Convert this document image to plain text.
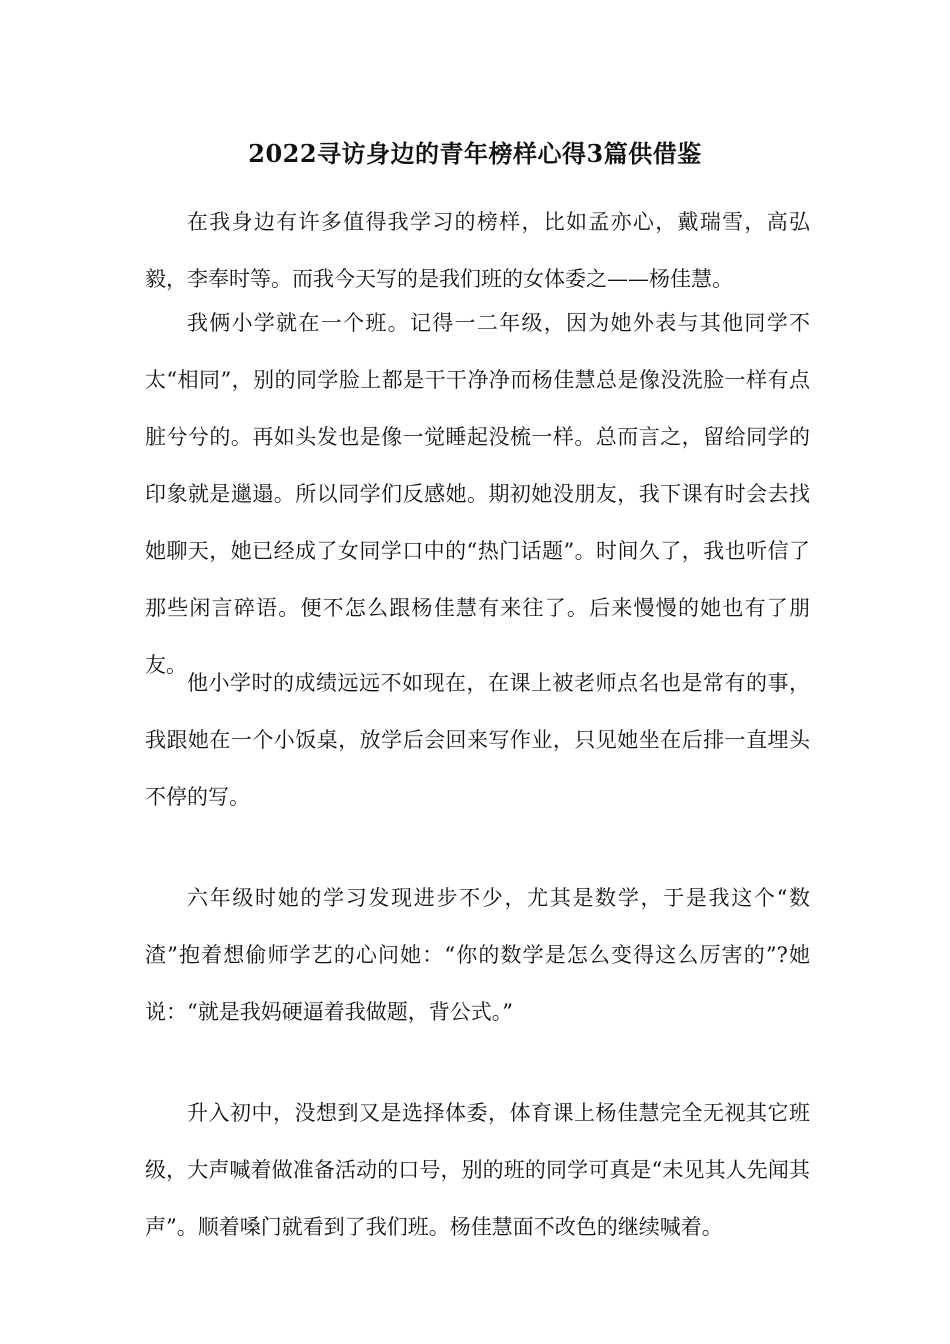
2022寻访身边的青年榜样心得3篇供借鉴

在我身边有许多值得我学习的榜样，比如孟亦心，戴瑞雪，高弘毅，李奉时等。而我今天写的是我们班的女体委之——杨佳慧。

我俩小学就在一个班。记得一二年级，因为她外表与其他同学不太“相同”，别的同学脸上都是干干净净而杨佳慧总是像没洗脸一样有点脏兮兮的。再如头发也是像一觉睡起没梳一样。总而言之，留给同学的印象就是邋遢。所以同学们反感她。期初她没朋友，我下课有时会去找她聊天，她已经成了女同学口中的“热门话题”。时间久了，我也听信了那些闲言碎语。便不怎么跟杨佳慧有来往了。后来慢慢的她也有了朋友。

他小学时的成绩远远不如现在，在课上被老师点名也是常有的事，我跟她在一个小饭桌，放学后会回来写作业，只见她坐在后排一直埋头不停的写。

六年级时她的学习发现进步不少，尤其是数学，于是我这个“数渣”抱着想偷师学艺的心问她：“你的数学是怎么变得这么厉害的”?她说：“就是我妈硬逼着我做题，背公式。”

升入初中，没想到又是选择体委，体育课上杨佳慧完全无视其它班级，大声喊着做准备活动的口号，别的班的同学可真是“未见其人先闻其声”。顺着嗓门就看到了我们班。杨佳慧面不改色的继续喊着。
